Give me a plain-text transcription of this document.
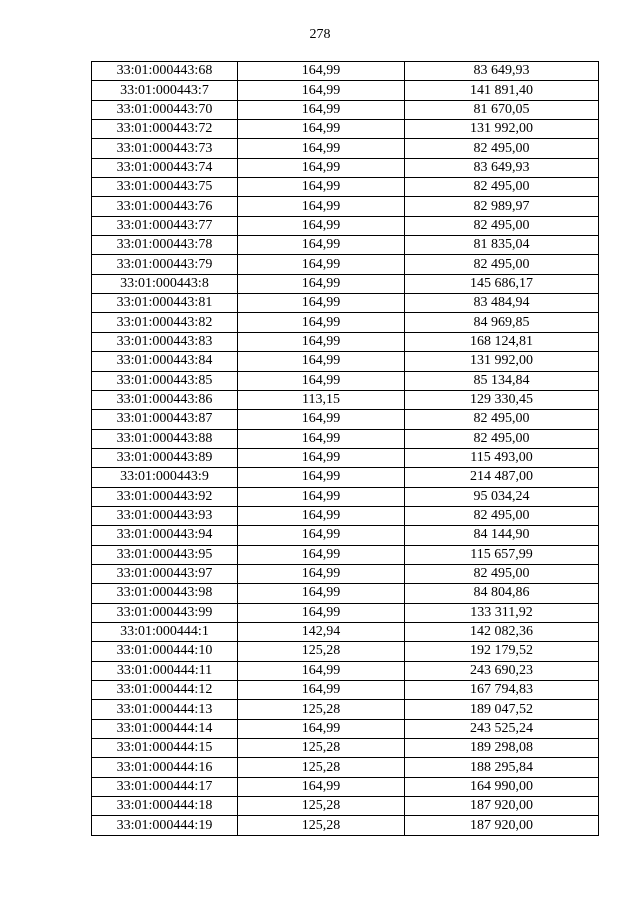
278
33:01:000443:68	164,99	83 649,93
33:01:000443:7	164,99	141 891,40
33:01:000443:70	164,99	81 670,05
33:01:000443:72	164,99	131 992,00
33:01:000443:73	164,99	82 495,00
33:01:000443:74	164,99	83 649,93
33:01:000443:75	164,99	82 495,00
33:01:000443:76	164,99	82 989,97
33:01:000443:77	164,99	82 495,00
33:01:000443:78	164,99	81 835,04
33:01:000443:79	164,99	82 495,00
33:01:000443:8	164,99	145 686,17
33:01:000443:81	164,99	83 484,94
33:01:000443:82	164,99	84 969,85
33:01:000443:83	164,99	168 124,81
33:01:000443:84	164,99	131 992,00
33:01:000443:85	164,99	85 134,84
33:01:000443:86	113,15	129 330,45
33:01:000443:87	164,99	82 495,00
33:01:000443:88	164,99	82 495,00
33:01:000443:89	164,99	115 493,00
33:01:000443:9	164,99	214 487,00
33:01:000443:92	164,99	95 034,24
33:01:000443:93	164,99	82 495,00
33:01:000443:94	164,99	84 144,90
33:01:000443:95	164,99	115 657,99
33:01:000443:97	164,99	82 495,00
33:01:000443:98	164,99	84 804,86
33:01:000443:99	164,99	133 311,92
33:01:000444:1	142,94	142 082,36
33:01:000444:10	125,28	192 179,52
33:01:000444:11	164,99	243 690,23
33:01:000444:12	164,99	167 794,83
33:01:000444:13	125,28	189 047,52
33:01:000444:14	164,99	243 525,24
33:01:000444:15	125,28	189 298,08
33:01:000444:16	125,28	188 295,84
33:01:000444:17	164,99	164 990,00
33:01:000444:18	125,28	187 920,00
33:01:000444:19	125,28	187 920,00
